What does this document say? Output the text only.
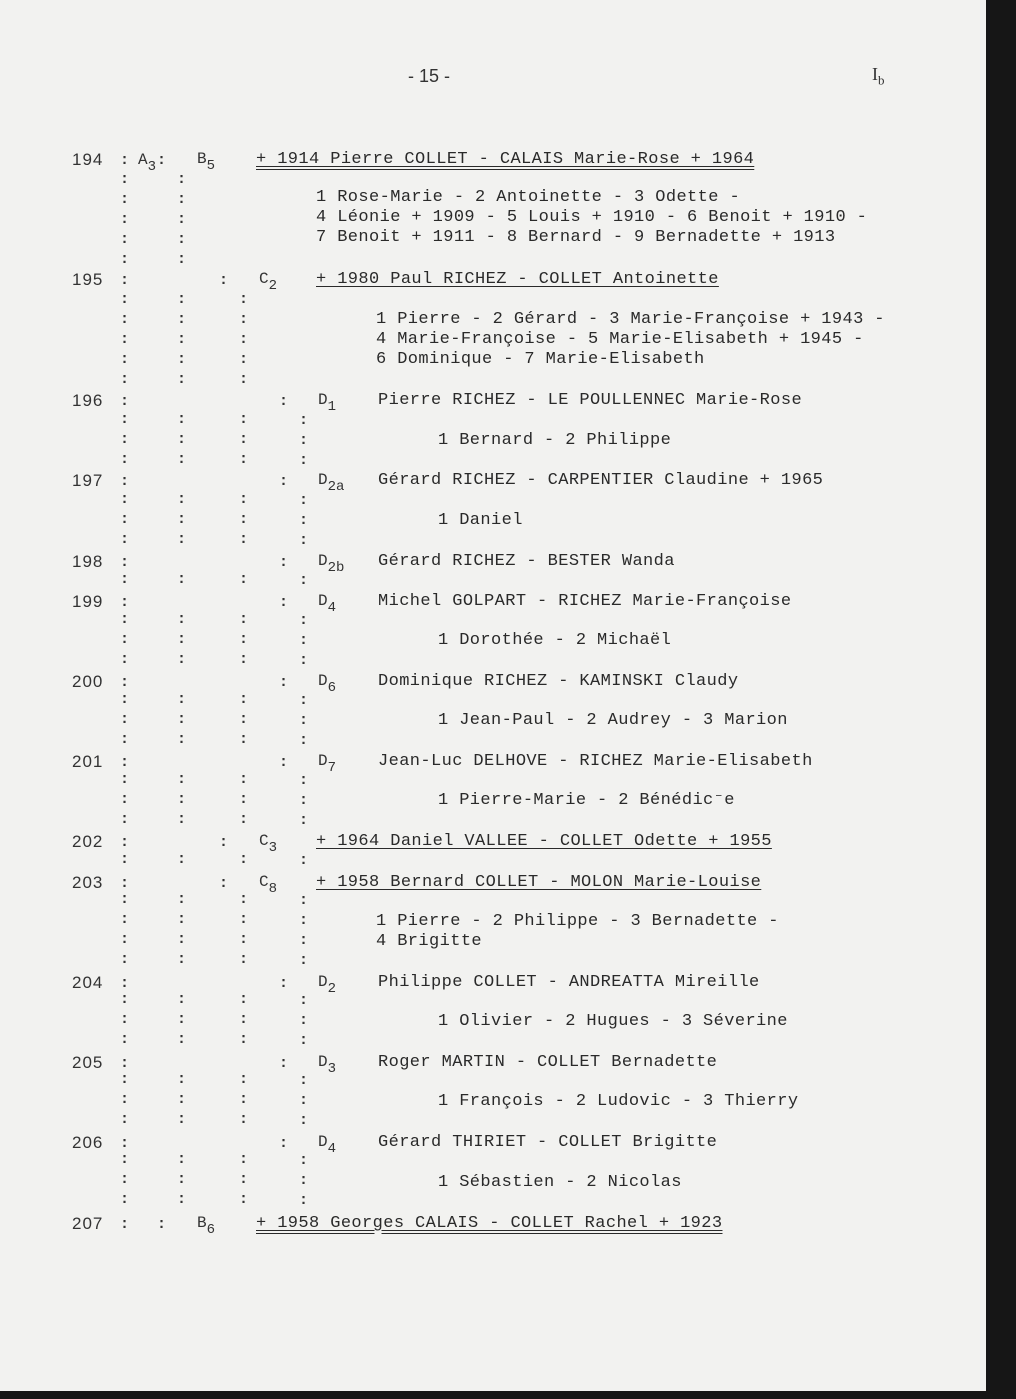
- 15 -	$I_b$
194 : $A_3$ : $B_5 + 1914$ Pierre COLLET - CALAIS Marie-Rose + 1964
1 Rose-Marie - 2 Antoinette - 3 Odette -
4 Léonie + 1909 - 5 Louis + 1910 - 6 Benoit + 1910 -
7 Benoit + 1911 - 8 Bernard - 9 Bernadette + 1913
195 :	: $C_2 + 1980$ Paul RICHEZ - COLLET Antoinette
1 Pierre - 2 Gérard - 3 Marie-Françoise + 1943 -
4 Marie-Françoise - 5 Marie-Elisabeth + 1945 -
6 Dominique - 7 Marie-Elisabeth
196 :	: $D_1$ Pierre RICHEZ - LE POULLENNEC Marie-Rose
1 Bernard - 2 Philippe
197 :	: $D_{2a}$ Gérard RICHEZ - CARPENTIER Claudine + 1965
1 Daniel
198 :	: $D_{2b}$ Gérard RICHEZ - BESTER Wanda
199 :	: $D_4$ Michel GOLPART - RICHEZ Marie-Françoise
1 Dorothée - 2 Michaël
200 :	: $D_6$ Dominique RICHEZ - KAMINSKI Claudy
1 Jean-Paul - 2 Audrey - 3 Marion
201 :	: $D_7$ Jean-Luc DELHOVE - RICHEZ Marie-Elisabeth
1 Pierre-Marie - 2 Bénédic⁻e
202 :	: $C_3 + 1964$ Daniel VALLEE - COLLET Odette + 1955
203 :	: $C_8 + 1958$ Bernard COLLET - MOLON Marie-Louise
1 Pierre - 2 Philippe - 3 Bernadette -
4 Brigitte
204 :	: $D_2$ Philippe COLLET - ANDREATTA Mireille
1 Olivier - 2 Hugues - 3 Séverine
205 :	: $D_3$ Roger MARTIN - COLLET Bernadette
1 François - 2 Ludovic - 3 Thierry
206 :	: $D_4$ Gérard THIRIET - COLLET Brigitte
1 Sébastien - 2 Nicolas
207 : : $B_6 + 1958$ Georges CALAIS - COLLET Rachel + 1923
:
:
:
:
:
:
:
:
:
:
:
:
:
:
:
:
:
:
:
:
:
:
:
:
:
:
:
:
:
:
:
:
:
:
:
:
:
:
:
:
:
:
:
:
:
:
:
:
:
:
:
:
:
:
:
:
:
:
:
:
:
:
:
:
:
:
:
:
:
:
:
:
:
:
:
:
:
:
:
:
:
:
:
:
:
:
:
:
:
:
:
:
:
:
:
:
:
:
:
:
:
:
:
:
:
:
:
:
:
:
:
:
:
:
:
:
:
:
:
:
:
:
:
:
:
:
:
:
:
:
:
:
:
:
:
:
:
:
:
:
:
:
:
:
:
